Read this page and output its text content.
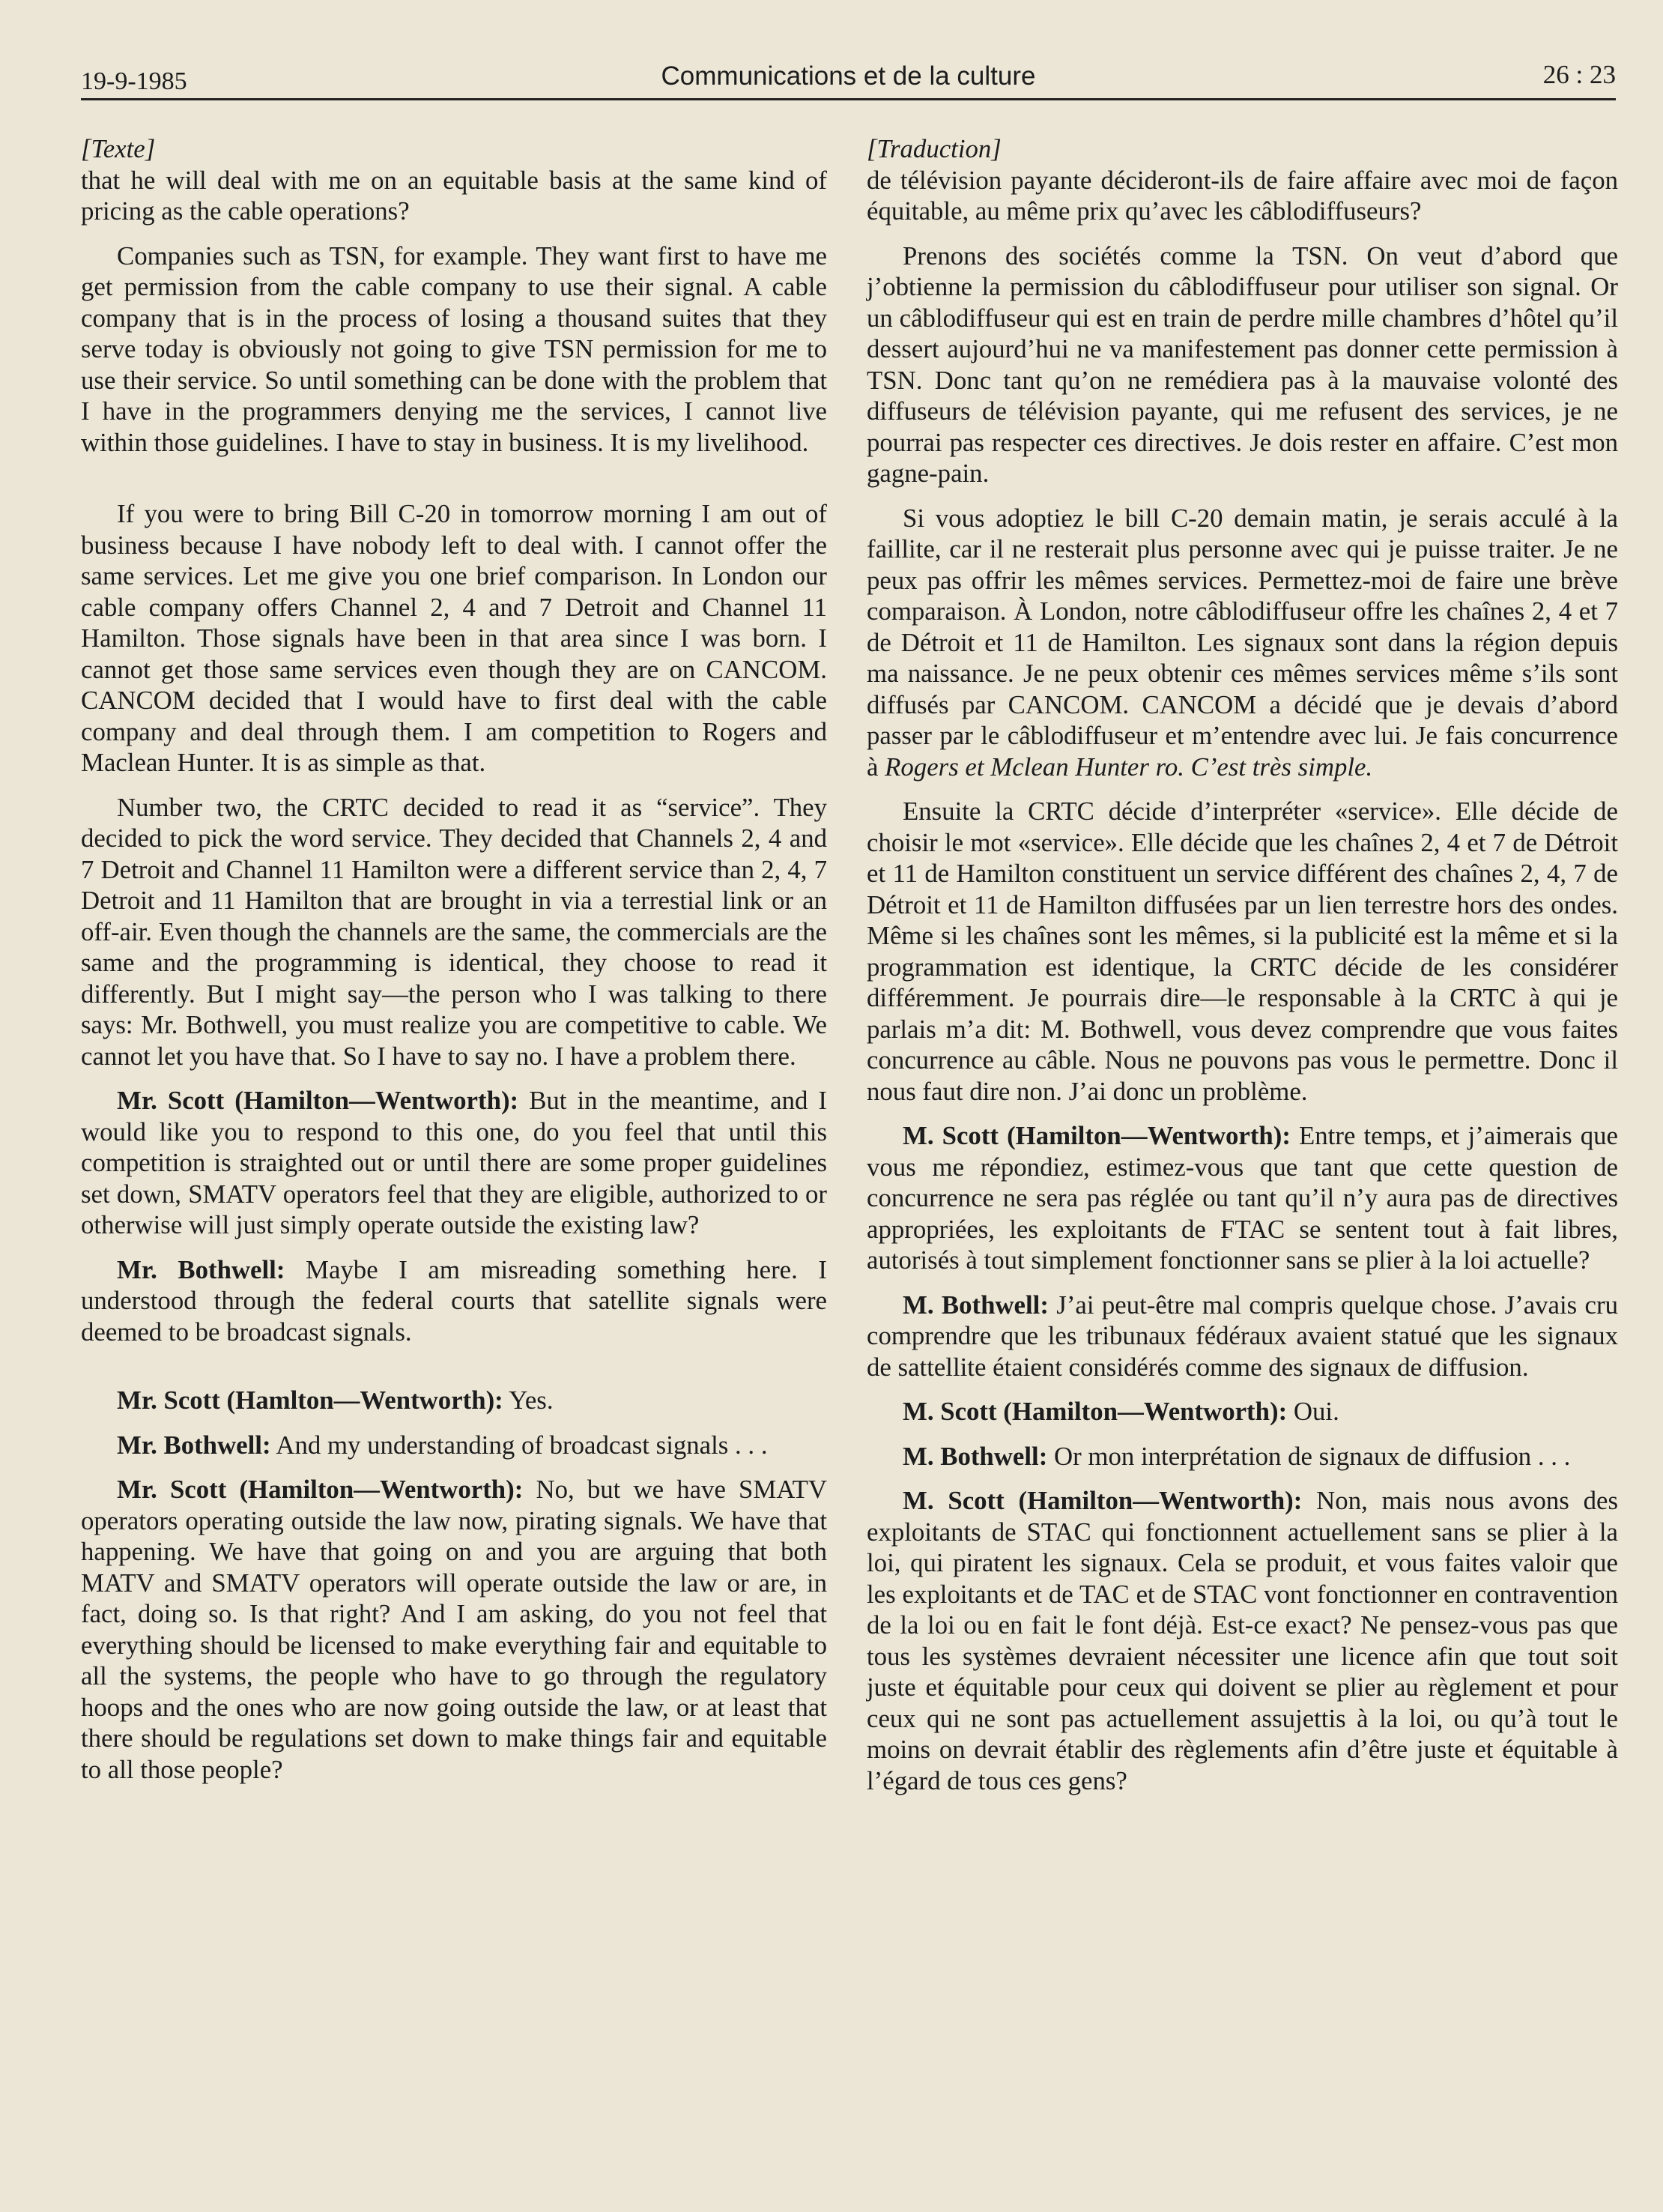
19-9-1985	Communications et de la culture	26 : 23
[Texte]

that he will deal with me on an equitable basis at the same kind of pricing as the cable operations?

Companies such as TSN, for example. They want first to have me get permission from the cable company to use their signal. A cable company that is in the process of losing a thousand suites that they serve today is obviously not going to give TSN permission for me to use their service. So until something can be done with the problem that I have in the programmers denying me the services, I cannot live within those guidelines. I have to stay in business. It is my livelihood.

If you were to bring Bill C-20 in tomorrow morning I am out of business because I have nobody left to deal with. I cannot offer the same services. Let me give you one brief comparison. In London our cable company offers Channel 2, 4 and 7 Detroit and Channel 11 Hamilton. Those signals have been in that area since I was born. I cannot get those same services even though they are on CANCOM. CANCOM decided that I would have to first deal with the cable company and deal through them. I am competition to Rogers and Maclean Hunter. It is as simple as that.

Number two, the CRTC decided to read it as “service”. They decided to pick the word service. They decided that Channels 2, 4 and 7 Detroit and Channel 11 Hamilton were a different service than 2, 4, 7 Detroit and 11 Hamilton that are brought in via a terrestial link or an off-air. Even though the channels are the same, the commercials are the same and the programming is identical, they choose to read it differently. But I might say—the person who I was talking to there says: Mr. Bothwell, you must realize you are competitive to cable. We cannot let you have that. So I have to say no. I have a problem there.

Mr. Scott (Hamilton—Wentworth): But in the meantime, and I would like you to respond to this one, do you feel that until this competition is straighted out or until there are some proper guidelines set down, SMATV operators feel that they are eligible, authorized to or otherwise will just simply operate outside the existing law?

Mr. Bothwell: Maybe I am misreading something here. I understood through the federal courts that satellite signals were deemed to be broadcast signals.

Mr. Scott (Hamlton—Wentworth): Yes.

Mr. Bothwell: And my understanding of broadcast signals . . .

Mr. Scott (Hamilton—Wentworth): No, but we have SMATV operators operating outside the law now, pirating signals. We have that happening. We have that going on and you are arguing that both MATV and SMATV operators will operate outside the law or are, in fact, doing so. Is that right? And I am asking, do you not feel that everything should be licensed to make everything fair and equitable to all the systems, the people who have to go through the regulatory hoops and the ones who are now going outside the law, or at least that there should be regulations set down to make things fair and equitable to all those people?

[Traduction]

de télévision payante décideront-ils de faire affaire avec moi de façon équitable, au même prix qu’avec les câblodiffuseurs?

Prenons des sociétés comme la TSN. On veut d’abord que j’obtienne la permission du câblodiffuseur pour utiliser son signal. Or un câblodiffuseur qui est en train de perdre mille chambres d’hôtel qu’il dessert aujourd’hui ne va manifestement pas donner cette permission à TSN. Donc tant qu’on ne remédiera pas à la mauvaise volonté des diffuseurs de télévision payante, qui me refusent des services, je ne pourrai pas respecter ces directives. Je dois rester en affaire. C’est mon gagne-pain.

Si vous adoptiez le bill C-20 demain matin, je serais acculé à la faillite, car il ne resterait plus personne avec qui je puisse traiter. Je ne peux pas offrir les mêmes services. Permettez-moi de faire une brève comparaison. À London, notre câblodiffuseur offre les chaînes 2, 4 et 7 de Détroit et 11 de Hamilton. Les signaux sont dans la région depuis ma naissance. Je ne peux obtenir ces mêmes services même s’ils sont diffusés par CANCOM. CANCOM a décidé que je devais d’abord passer par le câblodiffuseur et m’entendre avec lui. Je fais concurrence à Rogers et Mclean Hunter ro. C’est très simple.

Ensuite la CRTC décide d’interpréter «service». Elle décide de choisir le mot «service». Elle décide que les chaînes 2, 4 et 7 de Détroit et 11 de Hamilton constituent un service différent des chaînes 2, 4, 7 de Détroit et 11 de Hamilton diffusées par un lien terrestre hors des ondes. Même si les chaînes sont les mêmes, si la publicité est la même et si la programmation est identique, la CRTC décide de les considérer différemment. Je pourrais dire—le responsable à la CRTC à qui je parlais m’a dit: M. Bothwell, vous devez comprendre que vous faites concurrence au câble. Nous ne pouvons pas vous le permettre. Donc il nous faut dire non. J’ai donc un problème.

M. Scott (Hamilton—Wentworth): Entre temps, et j’aimerais que vous me répondiez, estimez-vous que tant que cette question de concurrence ne sera pas réglée ou tant qu’il n’y aura pas de directives appropriées, les exploitants de FTAC se sentent tout à fait libres, autorisés à tout simplement fonctionner sans se plier à la loi actuelle?

M. Bothwell: J’ai peut-être mal compris quelque chose. J’avais cru comprendre que les tribunaux fédéraux avaient statué que les signaux de sattellite étaient considérés comme des signaux de diffusion.

M. Scott (Hamilton—Wentworth): Oui.

M. Bothwell: Or mon interprétation de signaux de diffusion . . .

M. Scott (Hamilton—Wentworth): Non, mais nous avons des exploitants de STAC qui fonctionnent actuellement sans se plier à la loi, qui piratent les signaux. Cela se produit, et vous faites valoir que les exploitants et de TAC et de STAC vont fonctionner en contravention de la loi ou en fait le font déjà. Est-ce exact? Ne pensez-vous pas que tous les systèmes devraient nécessiter une licence afin que tout soit juste et équitable pour ceux qui doivent se plier au règlement et pour ceux qui ne sont pas actuellement assujettis à la loi, ou qu’à tout le moins on devrait établir des règlements afin d’être juste et équitable à l’égard de tous ces gens?
